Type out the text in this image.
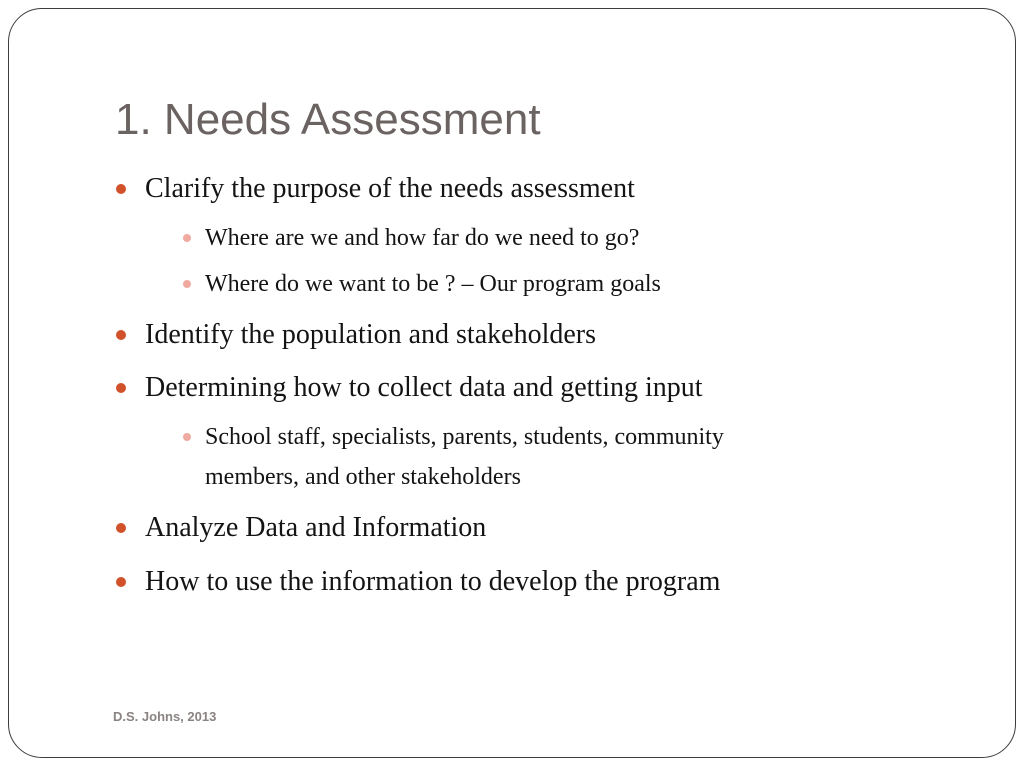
1. Needs Assessment
Clarify the purpose of the needs assessment
Where are we and how far do we need to go?
Where do we want to be ? – Our program goals
Identify the population and stakeholders
Determining how to collect data and getting input
School staff, specialists, parents, students, community
members, and other stakeholders
Analyze Data and Information
How to use the information to develop the program
D.S. Johns, 2013
